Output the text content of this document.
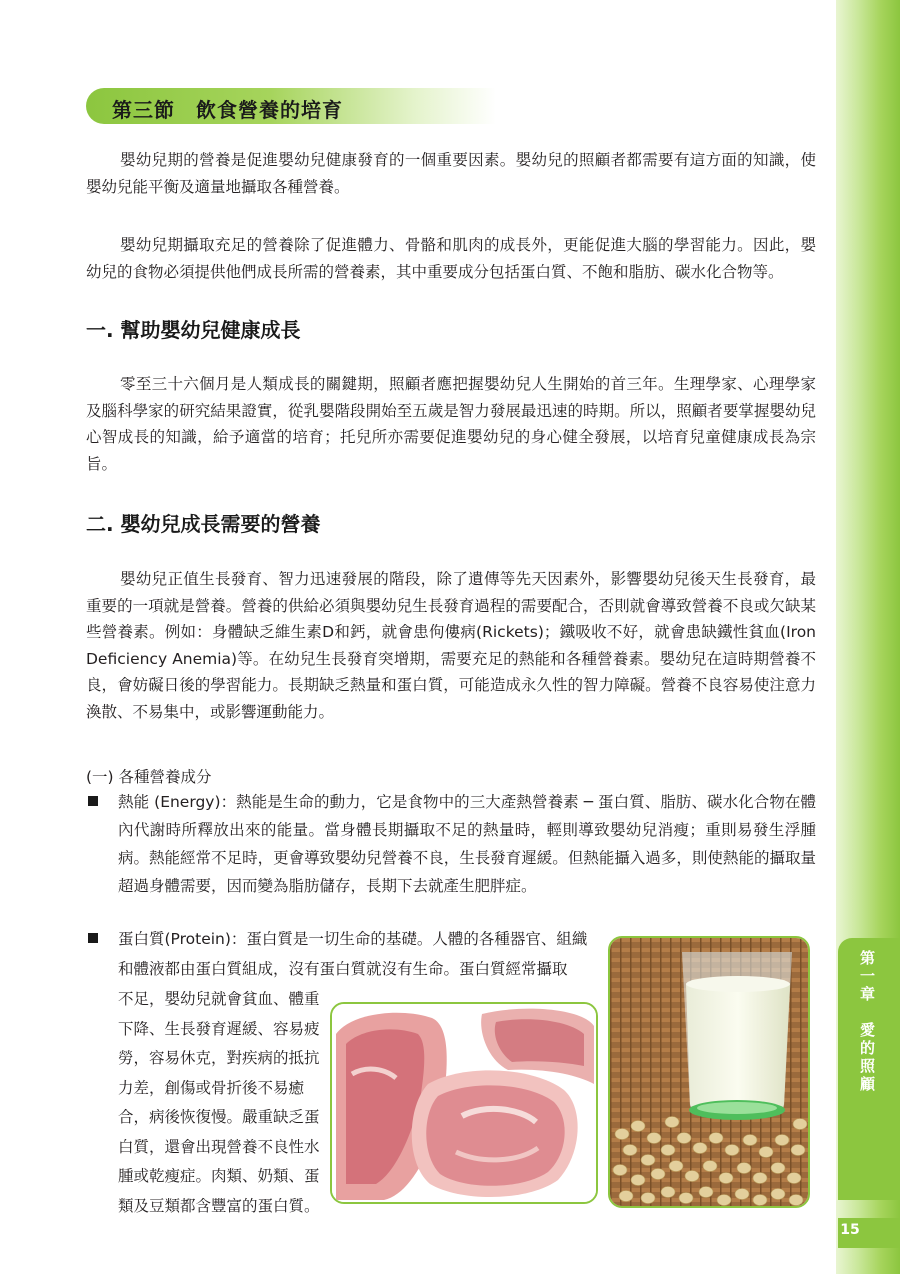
第一章　愛的照顧
15
第三節　飲食營養的培育

嬰幼兒期的營養是促進嬰幼兒健康發育的一個重要因素。嬰幼兒的照顧者都需要有這方面的知識，使嬰幼兒能平衡及適量地攝取各種營養。

嬰幼兒期攝取充足的營養除了促進體力、骨骼和肌肉的成長外，更能促進大腦的學習能力。因此，嬰幼兒的食物必須提供他們成長所需的營養素，其中重要成分包括蛋白質、不飽和脂肪、碳水化合物等。

一. 幫助嬰幼兒健康成長

零至三十六個月是人類成長的關鍵期，照顧者應把握嬰幼兒人生開始的首三年。生理學家、心理學家及腦科學家的研究結果證實，從乳嬰階段開始至五歲是智力發展最迅速的時期。所以，照顧者要掌握嬰幼兒心智成長的知識，給予適當的培育；托兒所亦需要促進嬰幼兒的身心健全發展，以培育兒童健康成長為宗旨。

二. 嬰幼兒成長需要的營養

嬰幼兒正值生長發育、智力迅速發展的階段，除了遺傳等先天因素外，影響嬰幼兒後天生長發育，最重要的一項就是營養。營養的供給必須與嬰幼兒生長發育過程的需要配合，否則就會導致營養不良或欠缺某些營養素。例如：身體缺乏維生素D和鈣，就會患佝僂病(Rickets)；鐵吸收不好，就會患缺鐵性貧血(Iron Deficiency Anemia)等。在幼兒生長發育突增期，需要充足的熱能和各種營養素。嬰幼兒在這時期營養不良，會妨礙日後的學習能力。長期缺乏熱量和蛋白質，可能造成永久性的智力障礙。營養不良容易使注意力渙散、不易集中，或影響運動能力。

(一) 各種營養成分

熱能 (Energy)：熱能是生命的動力，它是食物中的三大產熱營養素 ─ 蛋白質、脂肪、碳水化合物在體內代謝時所釋放出來的能量。當身體長期攝取不足的熱量時，輕則導致嬰幼兒消瘦；重則易發生浮腫病。熱能經常不足時，更會導致嬰幼兒營養不良，生長發育遲緩。但熱能攝入過多，則使熱能的攝取量超過身體需要，因而變為脂肪儲存，長期下去就產生肥胖症。

蛋白質(Protein)：蛋白質是一切生命的基礎。人體的各種器官、組織
和體液都由蛋白質組成，沒有蛋白質就沒有生命。蛋白質經常攝取

不足，嬰幼兒就會貧血、體重下降、生長發育遲緩、容易疲勞，容易休克，對疾病的抵抗力差，創傷或骨折後不易癒合，病後恢復慢。嚴重缺乏蛋白質，還會出現營養不良性水腫或乾瘦症。肉類、奶類、蛋類及豆類都含豐富的蛋白質。
